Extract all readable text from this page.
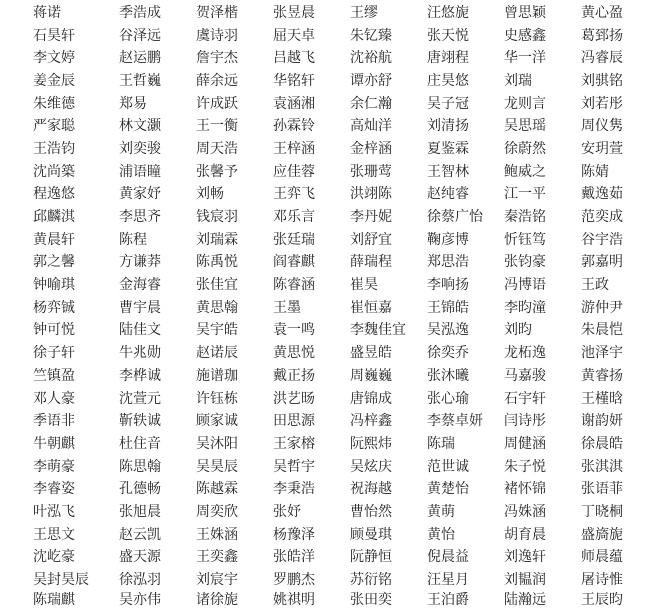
蒋诺	季浩成	贺泽楷	张昱晨	王缪	汪悠旎	曾思颖	黄心盈
石昊轩	谷泽远	虞诗羽	屈天卓	朱钇臻	张天悦	史感鑫	葛郅扬
李文婷	赵运鹏	詹宇杰	吕越飞	沈裕航	唐翊程	华一洋	冯睿辰
姜金辰	王哲巍	薛余远	华铭轩	谭亦舒	庄昊悠	刘瑞	刘骐铭
朱维德	郑易	许成跃	袁涵湘	余仁瀚	吴子冠	龙则言	刘若彤
严家聪	林文灏	王一衡	孙霖铃	高灿洋	刘清扬	吴思瑶	周仪隽
王浩钧	刘奕骏	周天浩	王梓涵	金梓涵	夏鉴霖	徐蔚然	安玥萱
沈尚築	浦语瞳	张馨予	应佳蓉	张珊莺	王智林	鲍威之	陈婧
程逸悠	黄家妤	刘畅	王弈飞	洪翊陈	赵纯睿	江一平	戴逸茹
邱麟淇	李思齐	钱宸羽	邓乐言	李丹妮	徐蔡广怡	秦浩铭	范奕成
黄晨轩	陈程	刘瑞霖	张廷瑞	刘舒宜	鞠彦博	忻钰笃	谷宇浩
郭之馨	方谦莽	陈禹悦	阎睿麒	薛瑞程	郑思浩	张钧豪	郭嘉明
钟喻琪	金海睿	张佳宜	陈睿涵	崔昊	李响扬	冯博语	王政
杨弈铖	曹宇晨	黄思翰	王墨	崔恒嘉	王锦皓	李昀潼	游仲尹
钟可悦	陆佳文	吴宇皓	袁一鸣	李魏佳宜	吴泓逸	刘昀	朱晨恺
徐子轩	牛兆勋	赵诺辰	黄思悦	盛昱皓	徐奕乔	龙柘逸	池泽宇
竺镇盈	李桦诚	施谱珈	戴正扬	周巍巍	张沐曦	马嘉骏	黄睿扬
邓人豪	沈萱元	许钰栋	洪艺旸	唐锦成	张心瑜	石宇轩	王槿晗
季语非	靳轶诚	顾家诚	田思源	冯梓鑫	李蔡卓妍	闫诗彤	谢韵妍
牛朝麒	杜住音	吴沐阳	王家榕	阮熙炜	陈瑞	周健涵	徐晨皓
李萌豪	陈思翰	吴昊辰	吴哲宇	吴炫庆	范世诚	朱子悦	张淇淇
李睿姿	孔德畅	陈越霖	李秉浩	祝海越	黄楚怡	褚怀锦	张语菲
叶泓飞	张旭晨	周奕欣	张妤	曹怡然	黄萌	冯姝涵	丁晓桐
王思文	赵云凯	王姝涵	杨豫泽	顾曼琪	黄怡	胡育晨	盛旖旎
沈屹豪	盛天源	王奕鑫	张皓洋	阮静恒	倪晨益	刘逸轩	师晨蕴
吴封昊辰	徐泓羽	刘宸宇	罗鹏杰	苏衍铭	汪星月	刘韫润	屠诗惟
陈瑞麒	吴亦伟	诸徐旎	姚祺明	张田奕	王泊爵	陆瀚远	王辰昀
